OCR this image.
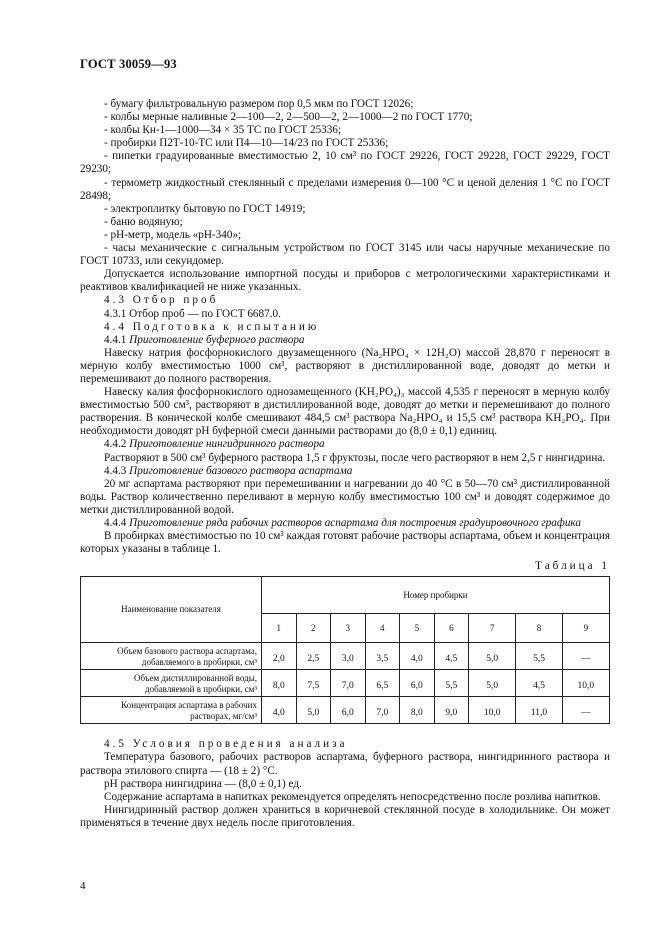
ГОСТ 30059—93

- бумагу фильтровальную размером пор 0,5 мкм по ГОСТ 12026;

- колбы мерные наливные 2—100—2, 2—500—2, 2—1000—2 по ГОСТ 1770;

- колбы Кн-1—1000—34 × 35 ТС по ГОСТ 25336;

- пробирки П2Т-10-ТС или П4—10—14/23 по ГОСТ 25336;

- пипетки градуированные вместимостью 2, 10 см³ по ГОСТ 29226, ГОСТ 29228, ГОСТ 29229, ГОСТ 29230;

- термометр жидкостный стеклянный с пределами измерения 0—100 °С и ценой деления 1 °С по ГОСТ 28498;

- электроплитку бытовую по ГОСТ 14919;

- баню водяную;

- pH-метр, модель «pH-340»;

- часы механические с сигнальным устройством по ГОСТ 3145 или часы наручные механические по ГОСТ 10733, или секундомер.

Допускается использование импортной посуды и приборов с метрологическими характеристиками и реактивов квалификацией не ниже указанных.

4.3 Отбор проб

4.3.1 Отбор проб — по ГОСТ 6687.0.

4.4 Подготовка к испытанию

4.4.1 Приготовление буферного раствора

Навеску натрия фосфорнокислого двузамещенного (Na₂HPO₄ × 12H₂O) массой 28,870 г переносят в мерную колбу вместимостью 1000 см³, растворяют в дистиллированной воде, доводят до метки и перемешивают до полного растворения.

Навеску калия фосфорнокислого однозамещенного (KH₂PO₄)₃ массой 4,535 г переносят в мерную колбу вместимостью 500 см³, растворяют в дистиллированной воде, доводят до метки и перемешивают до полного растворения. В конической колбе смешивают 484,5 см³ раствора Na₂HPO₄ и 15,5 см³ раствора KH₂PO₄. При необходимости доводят pH буферной смеси данными растворами до (8,0 ± 0,1) единиц.

4.4.2 Приготовление нингидринного раствора

Растворяют в 500 см³ буферного раствора 1,5 г фруктозы, после чего растворяют в нем 2,5 г нингидрина.

4.4.3 Приготовление базового раствора аспартама

20 мг аспартама растворяют при перемешивании и нагревании до 40 °С в 50—70 см³ дистиллированной воды. Раствор количественно переливают в мерную колбу вместимостью 100 см³ и доводят содержимое до метки дистиллированной водой.

4.4.4 Приготовление ряда рабочих растворов аспартама для построения градуировочного графика

В пробирках вместимостью по 10 см³ каждая готовят рабочие растворы аспартама, объем и концентрация которых указаны в таблице 1.

Таблица 1
Наименование показателя	Номер пробирки								
	1	2	3	4	5	6	7	8	9
Объем базового раствора аспартама, добавляемого в пробирки, см³	2,0	2,5	3,0	3,5	4,0	4,5	5,0	5,5	—
Объем дистиллированной воды, добавляемой в пробирки, см³	8,0	7,5	7,0	6,5	6,0	5,5	5,0	4,5	10,0
Концентрация аспартама в рабочих растворах, мг/см³	4,0	5,0	6,0	7,0	8,0	9,0	10,0	11,0	—

4.5 Условия проведения анализа

Температура базового, рабочих растворов аспартама, буферного раствора, нингидринного раствора и раствора этилового спирта — (18 ± 2) °С.

pH раствора нингидрина — (8,0 ± 0,1) ед.

Содержание аспартама в напитках рекомендуется определять непосредственно после розлива напитков.

Нингидринный раствор должен храниться в коричневой стеклянной посуде в холодильнике. Он может применяться в течение двух недель после приготовления.

4
